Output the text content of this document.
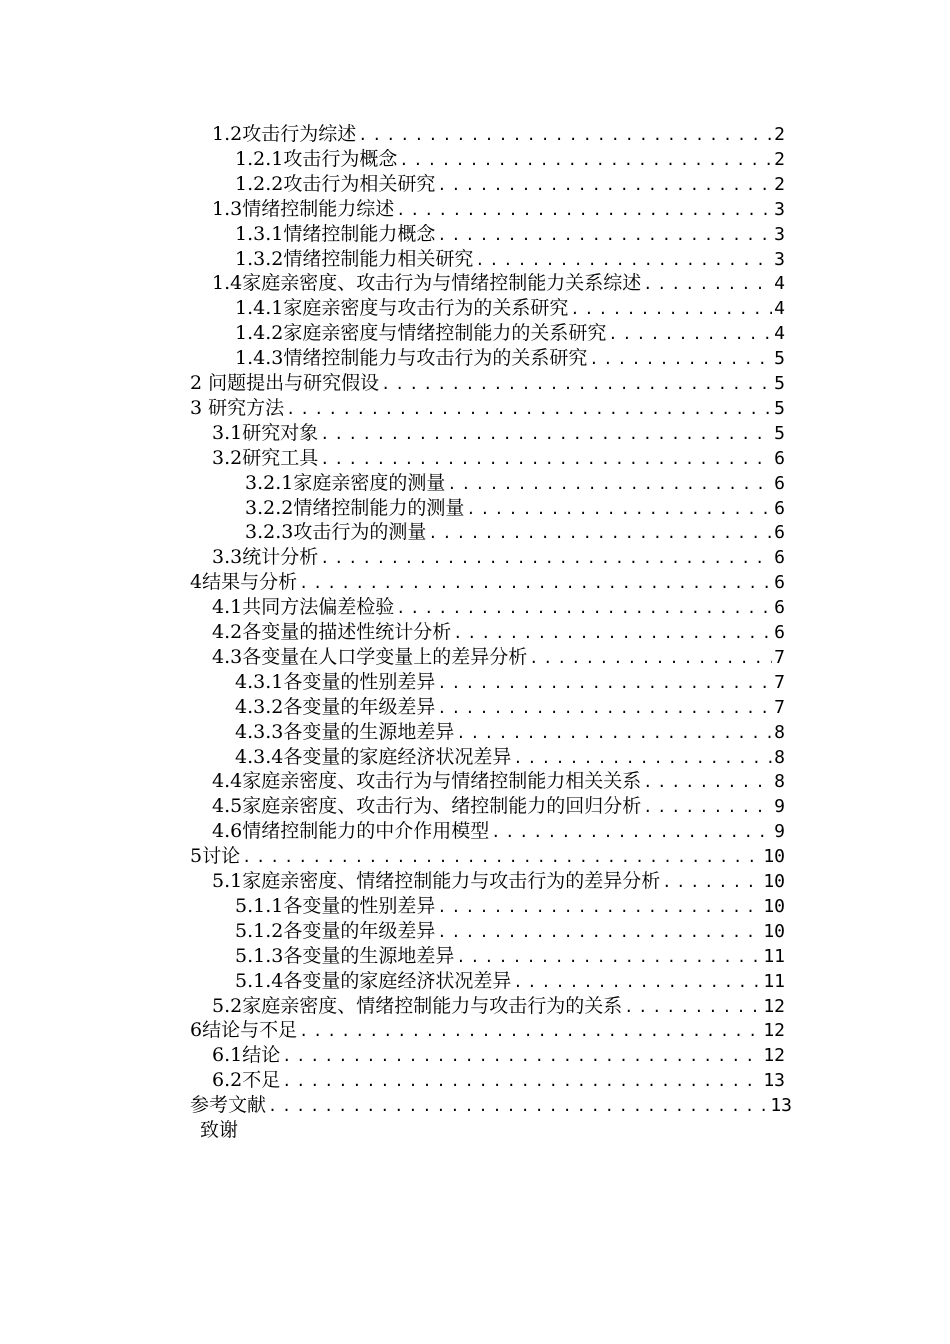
1.2攻击行为综述 .....	2
1.2.1攻击行为概念 .....	2
1.2.2攻击行为相关研究 .....	2
1.3情绪控制能力综述 .....	3
1.3.1情绪控制能力概念 .....	3
1.3.2情绪控制能力相关研究 .....	3
1.4家庭亲密度、攻击行为与情绪控制能力关系综述 .....	4
1.4.1家庭亲密度与攻击行为的关系研究 .....	4
1.4.2家庭亲密度与情绪控制能力的关系研究 .....	4
1.4.3情绪控制能力与攻击行为的关系研究 .....	5
2 问题提出与研究假设 .....	5
3 研究方法 .....	5
3.1研究对象 .....	5
3.2研究工具 .....	6
3.2.1家庭亲密度的测量 .....	6
3.2.2情绪控制能力的测量 .....	6
3.2.3攻击行为的测量 .....	6
3.3统计分析 .....	6
4结果与分析 .....	6
4.1共同方法偏差检验 .....	6
4.2各变量的描述性统计分析 .....	6
4.3各变量在人口学变量上的差异分析 .....	7
4.3.1各变量的性别差异 .....	7
4.3.2各变量的年级差异 .....	7
4.3.3各变量的生源地差异 .....	8
4.3.4各变量的家庭经济状况差异 .....	8
4.4家庭亲密度、攻击行为与情绪控制能力相关关系 .....	8
4.5家庭亲密度、攻击行为、绪控制能力的回归分析 .....	9
4.6情绪控制能力的中介作用模型 .....	9
5讨论 .....	10
5.1家庭亲密度、情绪控制能力与攻击行为的差异分析 .....	10
5.1.1各变量的性别差异 .....	10
5.1.2各变量的年级差异 .....	10
5.1.3各变量的生源地差异 .....	11
5.1.4各变量的家庭经济状况差异 .....	11
5.2家庭亲密度、情绪控制能力与攻击行为的关系 .....	12
6结论与不足 .....	12
6.1结论 .....	12
6.2不足 .....	13
参考文献 .....	13
致谢
